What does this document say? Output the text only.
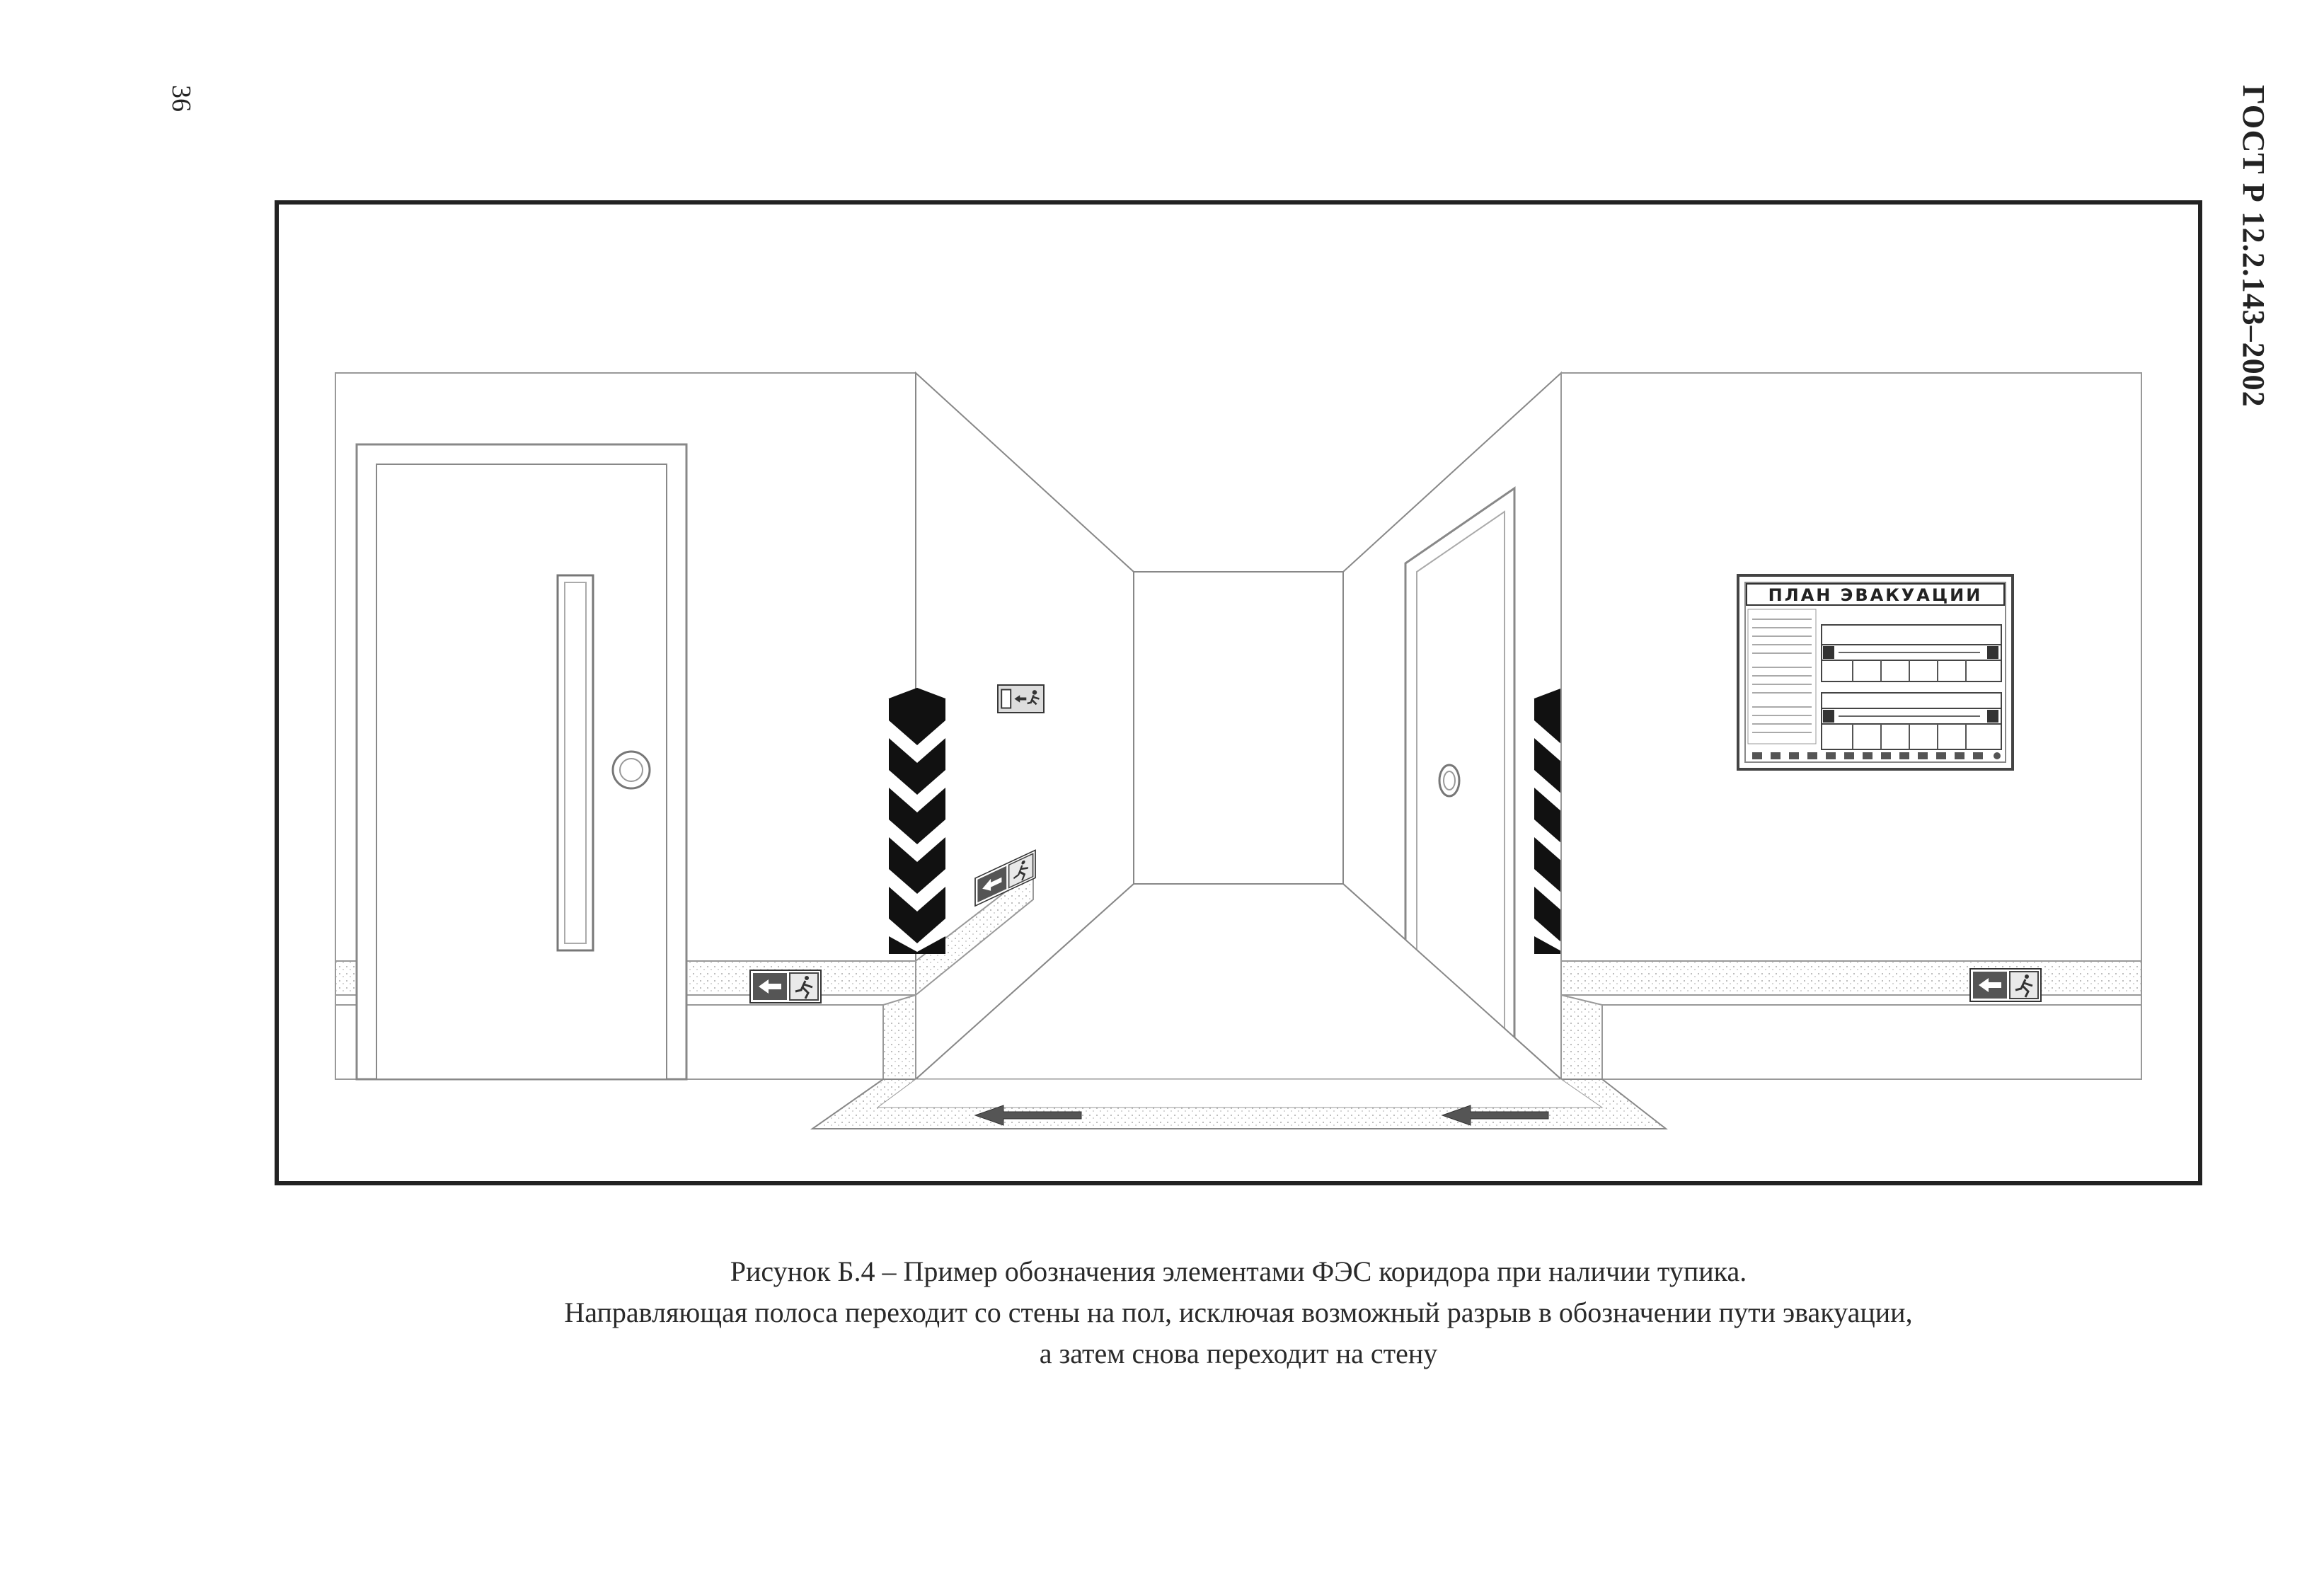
36	ГОСТ Р 12.2.143–2002
ПЛАН ЭВАКУАЦИИ
Рисунок Б.4 – Пример обозначения элементами ФЭС коридора при наличии тупика.
Направляющая полоса переходит со стены на пол, исключая возможный разрыв в обозначении пути эвакуации,
а затем снова переходит на стену
